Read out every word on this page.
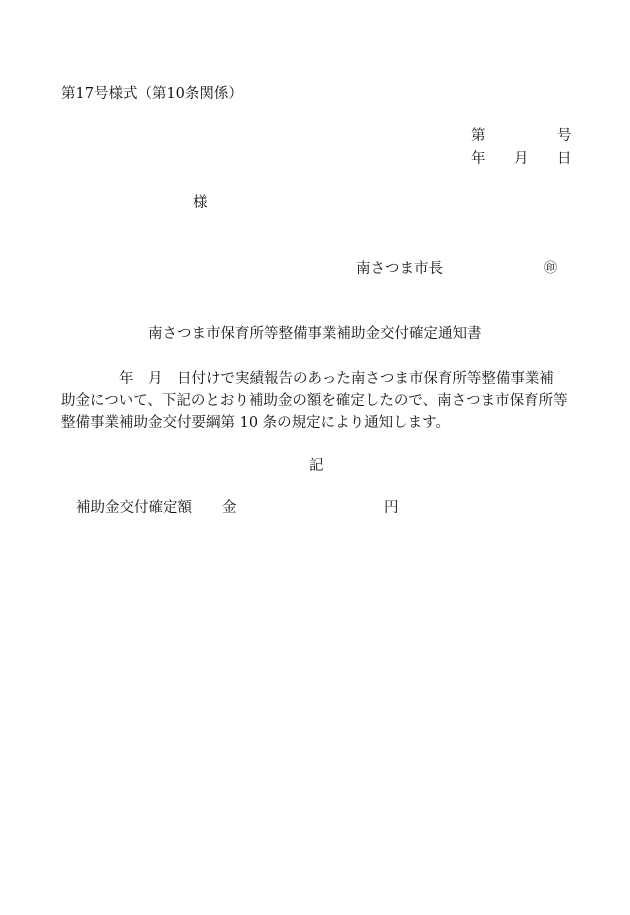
第17号様式（第10条関係）
第	号
年 月 日
様
南さつま市長	㊞
南さつま市保育所等整備事業補助金交付確定通知書
　　　　年　月　日付けで実績報告のあった南さつま市保育所等整備事業補
助金について、下記のとおり補助金の額を確定したので、南さつま市保育所等
整備事業補助金交付要綱第 10 条の規定により通知します。
記
補助金交付確定額 金	円
